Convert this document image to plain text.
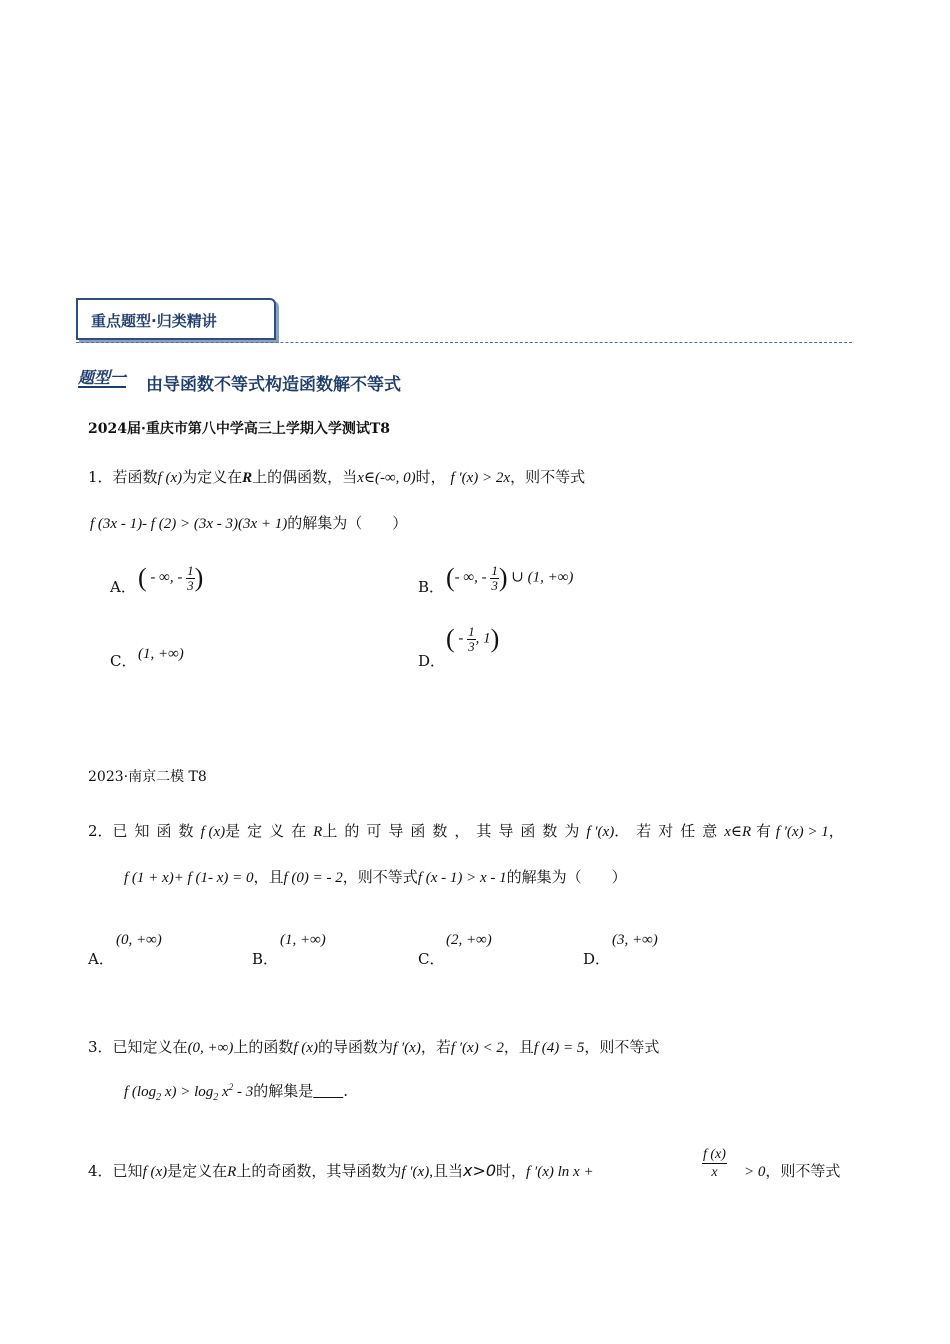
重点题型·归类精讲
题型一 由导函数不等式构造函数解不等式
2024届·重庆市第八中学高三上学期入学测试T8
1．若函数f (x)为定义在R上的偶函数，当x∈(-∞, 0)时， f ′(x) > 2x，则不等式
f (3x - 1)- f (2) > (3x - 3)(3x + 1)的解集为（　　）
A． ( - ∞, - $\frac{1}{3}$ )	B． (- ∞, - $\frac{1}{3}$ ) ∪ (1, +∞)
C． (1, +∞)	D．
( - $\frac{1}{3}$ , 1)
2023·南京二模 T8
2．已知函数f (x)是定义在R上的可导函数，其导函数为f ′(x)．若对任意x∈R 有 f ′(x) > 1，
f (1 + x)+ f (1- x) = 0，且f (0) = - 2，则不等式f (x - 1) > x - 1的解集为（　　）
A．
(0, +∞)
B．
(1, +∞)
C．
(2, +∞)
D．
(3, +∞)
3．已知定义在(0, +∞)上的函数f (x)的导函数为f ′(x)，若f ′(x) < 2，且f (4) = 5，则不等式
f ($\log_2$ $x) > \log_2 x^2 - 3$的解集是　　 .
4．已知f (x)是定义在R上的奇函数，其导函数为f ′(x),且当x>0时，f ′(x) ln x +	$\frac{f (x)}{x} > 0$，则不等式
